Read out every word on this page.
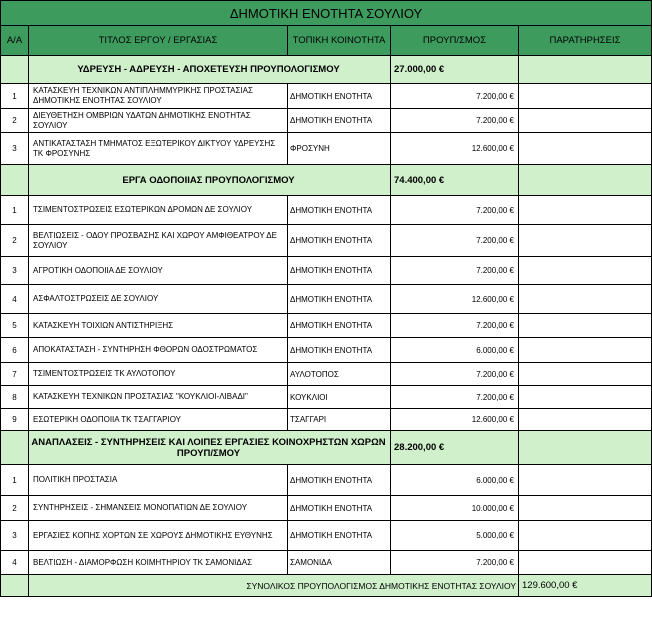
ΔΗΜΟΤΙΚΗ ΕΝΟΤΗΤΑ ΣΟΥΛΙΟΥ				
Α/Α	ΤΙΤΛΟΣ ΕΡΓΟΥ / ΕΡΓΑΣΙΑΣ	ΤΟΠΙΚΗ ΚΟΙΝΟΤΗΤΑ	ΠΡΟΥΠ/ΣΜΟΣ	ΠΑΡΑΤΗΡΗΣΕΙΣ
	ΥΔΡΕΥΣΗ - ΑΔΡΕΥΣΗ - ΑΠΟΧΕΤΕΥΣΗ ΠΡΟΥΠΟΛΟΓΙΣΜΟΥ		27.000,00 €	
1	ΚΑΤΑΣΚΕΥΗ ΤΕΧΝΙΚΩΝ ΑΝΤΙΠΛΗΜΜΥΡΙΚΗΣ ΠΡΟΣΤΑΣΙΑΣ ΔΗΜΟΤΙΚΗΣ ΕΝΟΤΗΤΑΣ ΣΟΥΛΙΟΥ	ΔΗΜΟΤΙΚΗ ΕΝΟΤΗΤΑ	7.200,00 €	
2	ΔΙΕΥΘΕΤΗΣΗ ΟΜΒΡΙΩΝ ΥΔΑΤΩΝ ΔΗΜΟΤΙΚΗΣ ΕΝΟΤΗΤΑΣ ΣΟΥΛΙΟΥ	ΔΗΜΟΤΙΚΗ ΕΝΟΤΗΤΑ	7.200,00 €	
3	ΑΝΤΙΚΑΤΑΣΤΑΣΗ ΤΜΗΜΑΤΟΣ ΕΞΩΤΕΡΙΚΟΥ ΔΙΚΤΥΟΥ ΥΔΡΕΥΣΗΣ ΤΚ ΦΡΟΣΥΝΗΣ	ΦΡΟΣΥΝΗ	12.600,00 €	
	ΕΡΓΑ ΟΔΟΠΟΙΙΑΣ ΠΡΟΥΠΟΛΟΓΙΣΜΟΥ		74.400,00 €	
1	ΤΣΙΜΕΝΤΟΣΤΡΩΣΕΙΣ ΕΣΩΤΕΡΙΚΩΝ ΔΡΟΜΩΝ ΔΕ ΣΟΥΛΙΟΥ	ΔΗΜΟΤΙΚΗ ΕΝΟΤΗΤΑ	7.200,00 €	
2	ΒΕΛΤΙΩΣΕΙΣ - ΟΔΟΥ ΠΡΟΣΒΑΣΗΣ ΚΑΙ ΧΩΡΟΥ ΑΜΦΙΘΕΑΤΡΟΥ ΔΕ ΣΟΥΛΙΟΥ	ΔΗΜΟΤΙΚΗ ΕΝΟΤΗΤΑ	7.200,00 €	
3	ΑΓΡΟΤΙΚΗ ΟΔΟΠΟΙΙΑ ΔΕ ΣΟΥΛΙΟΥ	ΔΗΜΟΤΙΚΗ ΕΝΟΤΗΤΑ	7.200,00 €	
4	ΑΣΦΑΛΤΟΣΤΡΩΣΕΙΣ ΔΕ ΣΟΥΛΙΟΥ	ΔΗΜΟΤΙΚΗ ΕΝΟΤΗΤΑ	12.600,00 €	
5	ΚΑΤΑΣΚΕΥΗ ΤΟΙΧΙΩΝ ΑΝΤΙΣΤΗΡΙΞΗΣ	ΔΗΜΟΤΙΚΗ ΕΝΟΤΗΤΑ	7.200,00 €	
6	ΑΠΟΚΑΤΑΣΤΑΣΗ - ΣΥΝΤΗΡΗΣΗ ΦΘΟΡΩΝ ΟΔΟΣΤΡΩΜΑΤΟΣ	ΔΗΜΟΤΙΚΗ ΕΝΟΤΗΤΑ	6.000,00 €	
7	ΤΣΙΜΕΝΤΟΣΤΡΩΣΕΙΣ ΤΚ ΑΥΛΟΤΟΠΟΥ	ΑΥΛΟΤΟΠΟΣ	7.200,00 €	
8	ΚΑΤΑΣΚΕΥΗ ΤΕΧΝΙΚΩΝ ΠΡΟΣΤΑΣΙΑΣ "ΚΟΥΚΛΙΟΙ-ΛΙΒΑΔΙ"	ΚΟΥΚΛΙΟΙ	7.200,00 €	
9	ΕΣΩΤΕΡΙΚΗ ΟΔΟΠΟΙΙΑ ΤΚ ΤΣΑΓΓΑΡΙΟΥ	ΤΣΑΓΓΑΡΙ	12.600,00 €	
	ΑΝΑΠΛΑΣΕΙΣ - ΣΥΝΤΗΡΗΣΕΙΣ ΚΑΙ ΛΟΙΠΕΣ ΕΡΓΑΣΙΕΣ ΚΟΙΝΟΧΡΗΣΤΩΝ ΧΩΡΩΝ ΠΡΟΥΠ/ΣΜΟΥ		28.200,00 €	
1	ΠΟΛΙΤΙΚΗ ΠΡΟΣΤΑΣΙΑ	ΔΗΜΟΤΙΚΗ ΕΝΟΤΗΤΑ	6.000,00 €	
2	ΣΥΝΤΗΡΗΣΕΙΣ - ΣΗΜΑΝΣΕΙΣ ΜΟΝΟΠΑΤΙΩΝ ΔΕ ΣΟΥΛΙΟΥ	ΔΗΜΟΤΙΚΗ ΕΝΟΤΗΤΑ	10.000,00 €	
3	ΕΡΓΑΣΙΕΣ ΚΟΠΗΣ ΧΟΡΤΩΝ ΣΕ ΧΩΡΟΥΣ ΔΗΜΟΤΙΚΗΣ ΕΥΘΥΝΗΣ	ΔΗΜΟΤΙΚΗ ΕΝΟΤΗΤΑ	5.000,00 €	
4	ΒΕΛΤΙΩΣΗ - ΔΙΑΜΟΡΦΩΣΗ ΚΟΙΜΗΤΗΡΙΟΥ ΤΚ ΣΑΜΟΝΙΔΑΣ	ΣΑΜΟΝΙΔΑ	7.200,00 €	
	ΣΥΝΟΛΙΚΟΣ ΠΡΟΥΠΟΛΟΓΙΣΜΟΣ ΔΗΜΟΤΙΚΗΣ ΕΝΟΤΗΤΑΣ ΣΟΥΛΙΟΥ			129.600,00 €
